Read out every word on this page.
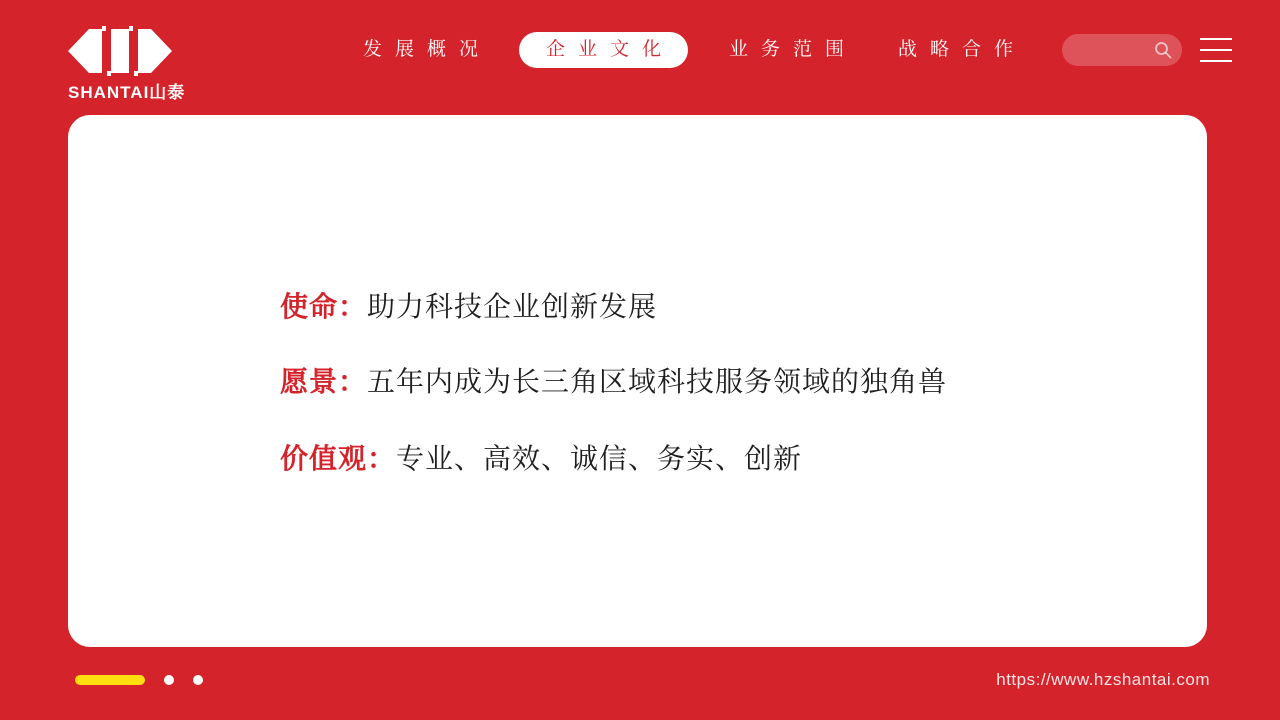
SHANTAI山泰
发展概况	企业文化	业务范围	战略合作
使命：助力科技企业创新发展
愿景：五年内成为长三角区域科技服务领域的独角兽
价值观：专业、高效、诚信、务实、创新
https://www.hzshantai.com
